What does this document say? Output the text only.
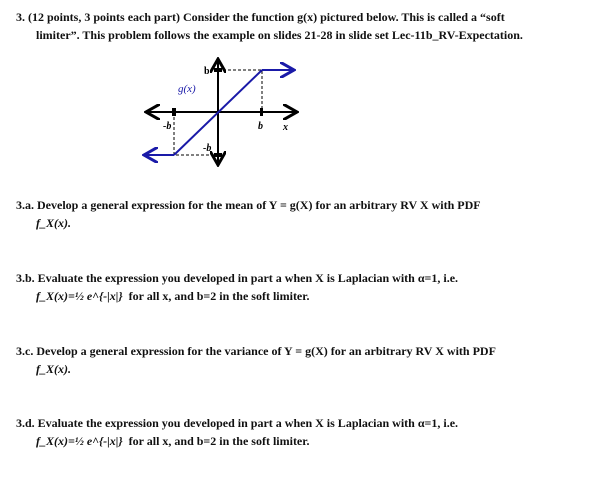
3. (12 points, 3 points each part) Consider the function g(x) pictured below. This is called a “soft
limiter”. This problem follows the example on slides 21-28 in slide set Lec-11b_RV-Expectation.
g(x)
b
b
-b
-b
x
3.a. Develop a general expression for the mean of Y = g(X) for an arbitrary RV X with PDF
f_X(x).
3.b. Evaluate the expression you developed in part a when X is Laplacian with α=1, i.e.
f_X(x)=½ e^{-|x|} for all x, and b=2 in the soft limiter.
3.c. Develop a general expression for the variance of Y = g(X) for an arbitrary RV X with PDF
f_X(x).
3.d. Evaluate the expression you developed in part a when X is Laplacian with α=1, i.e.
f_X(x)=½ e^{-|x|} for all x, and b=2 in the soft limiter.
